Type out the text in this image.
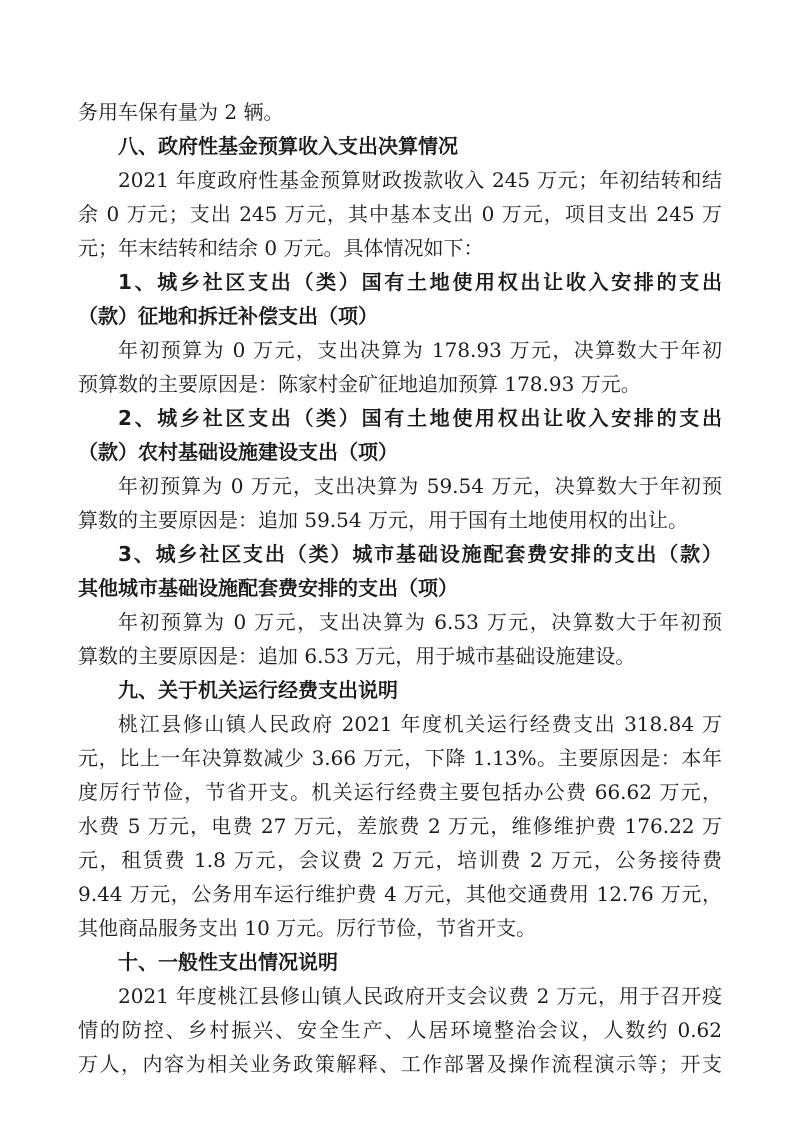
务用车保有量为 2 辆。
八、政府性基金预算收入支出决算情况
2021 年度政府性基金预算财政拨款收入 245 万元；年初结转和结
余 0 万元；支出 245 万元，其中基本支出 0 万元，项目支出 245 万
元；年末结转和结余 0 万元。具体情况如下：
1、城乡社区支出（类）国有土地使用权出让收入安排的支出
（款）征地和拆迁补偿支出（项）
年初预算为 0 万元，支出决算为 178.93 万元，决算数大于年初
预算数的主要原因是：陈家村金矿征地追加预算 178.93 万元。
2、城乡社区支出（类）国有土地使用权出让收入安排的支出
（款）农村基础设施建设支出（项）
年初预算为 0 万元，支出决算为 59.54 万元，决算数大于年初预
算数的主要原因是：追加 59.54 万元，用于国有土地使用权的出让。
3、城乡社区支出（类）城市基础设施配套费安排的支出（款）
其他城市基础设施配套费安排的支出（项）
年初预算为 0 万元，支出决算为 6.53 万元，决算数大于年初预
算数的主要原因是：追加 6.53 万元，用于城市基础设施建设。
九、关于机关运行经费支出说明
桃江县修山镇人民政府 2021 年度机关运行经费支出 318.84 万
元，比上一年决算数减少 3.66 万元，下降 1.13%。主要原因是：本年
度厉行节俭，节省开支。机关运行经费主要包括办公费 66.62 万元，
水费 5 万元，电费 27 万元，差旅费 2 万元，维修维护费 176.22 万
元，租赁费 1.8 万元，会议费 2 万元，培训费 2 万元，公务接待费
9.44 万元，公务用车运行维护费 4 万元，其他交通费用 12.76 万元，
其他商品服务支出 10 万元。厉行节俭，节省开支。
十、一般性支出情况说明
2021 年度桃江县修山镇人民政府开支会议费 2 万元，用于召开疫
情的防控、乡村振兴、安全生产、人居环境整治会议，人数约 0.62
万人，内容为相关业务政策解释、工作部署及操作流程演示等；开支
